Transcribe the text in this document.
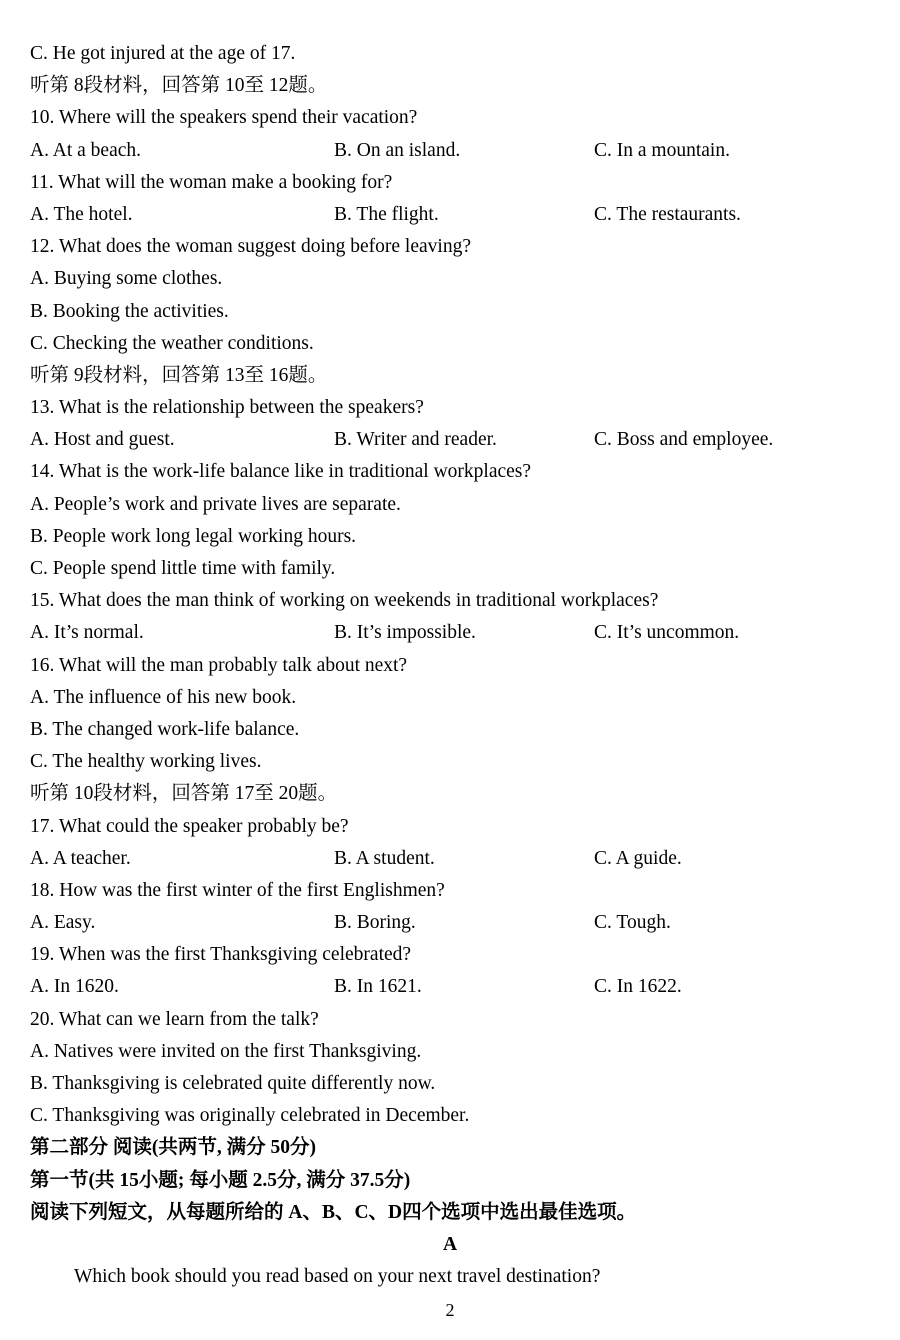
C. He got injured at the age of 17.
听第 8段材料，回答第 10至 12题。
10. Where will the speakers spend their vacation?
A. At a beach.	B. On an island.	C. In a mountain.
11. What will the woman make a booking for?
A. The hotel.	B. The flight.	C. The restaurants.
12. What does the woman suggest doing before leaving?
A. Buying some clothes.
B. Booking the activities.
C. Checking the weather conditions.
听第 9段材料，回答第 13至 16题。
13. What is the relationship between the speakers?
A. Host and guest.	B. Writer and reader.	C. Boss and employee.
14. What is the work-life balance like in traditional workplaces?
A. People’s work and private lives are separate.
B. People work long legal working hours.
C. People spend little time with family.
15. What does the man think of working on weekends in traditional workplaces?
A. It’s normal.	B. It’s impossible.	C. It’s uncommon.
16. What will the man probably talk about next?
A. The influence of his new book.
B. The changed work-life balance.
C. The healthy working lives.
听第 10段材料，回答第 17至 20题。
17. What could the speaker probably be?
A. A teacher.	B. A student.	C. A guide.
18. How was the first winter of the first Englishmen?
A. Easy.	B. Boring.	C. Tough.
19. When was the first Thanksgiving celebrated?
A. In 1620.	B. In 1621.	C. In 1622.
20. What can we learn from the talk?
A. Natives were invited on the first Thanksgiving.
B. Thanksgiving is celebrated quite differently now.
C. Thanksgiving was originally celebrated in December.
第二部分 阅读(共两节, 满分 50分)
第一节(共 15小题; 每小题 2.5分, 满分 37.5分)
阅读下列短文，从每题所给的 A、B、C、D四个选项中选出最佳选项。
A
Which book should you read based on your next travel destination?
2
